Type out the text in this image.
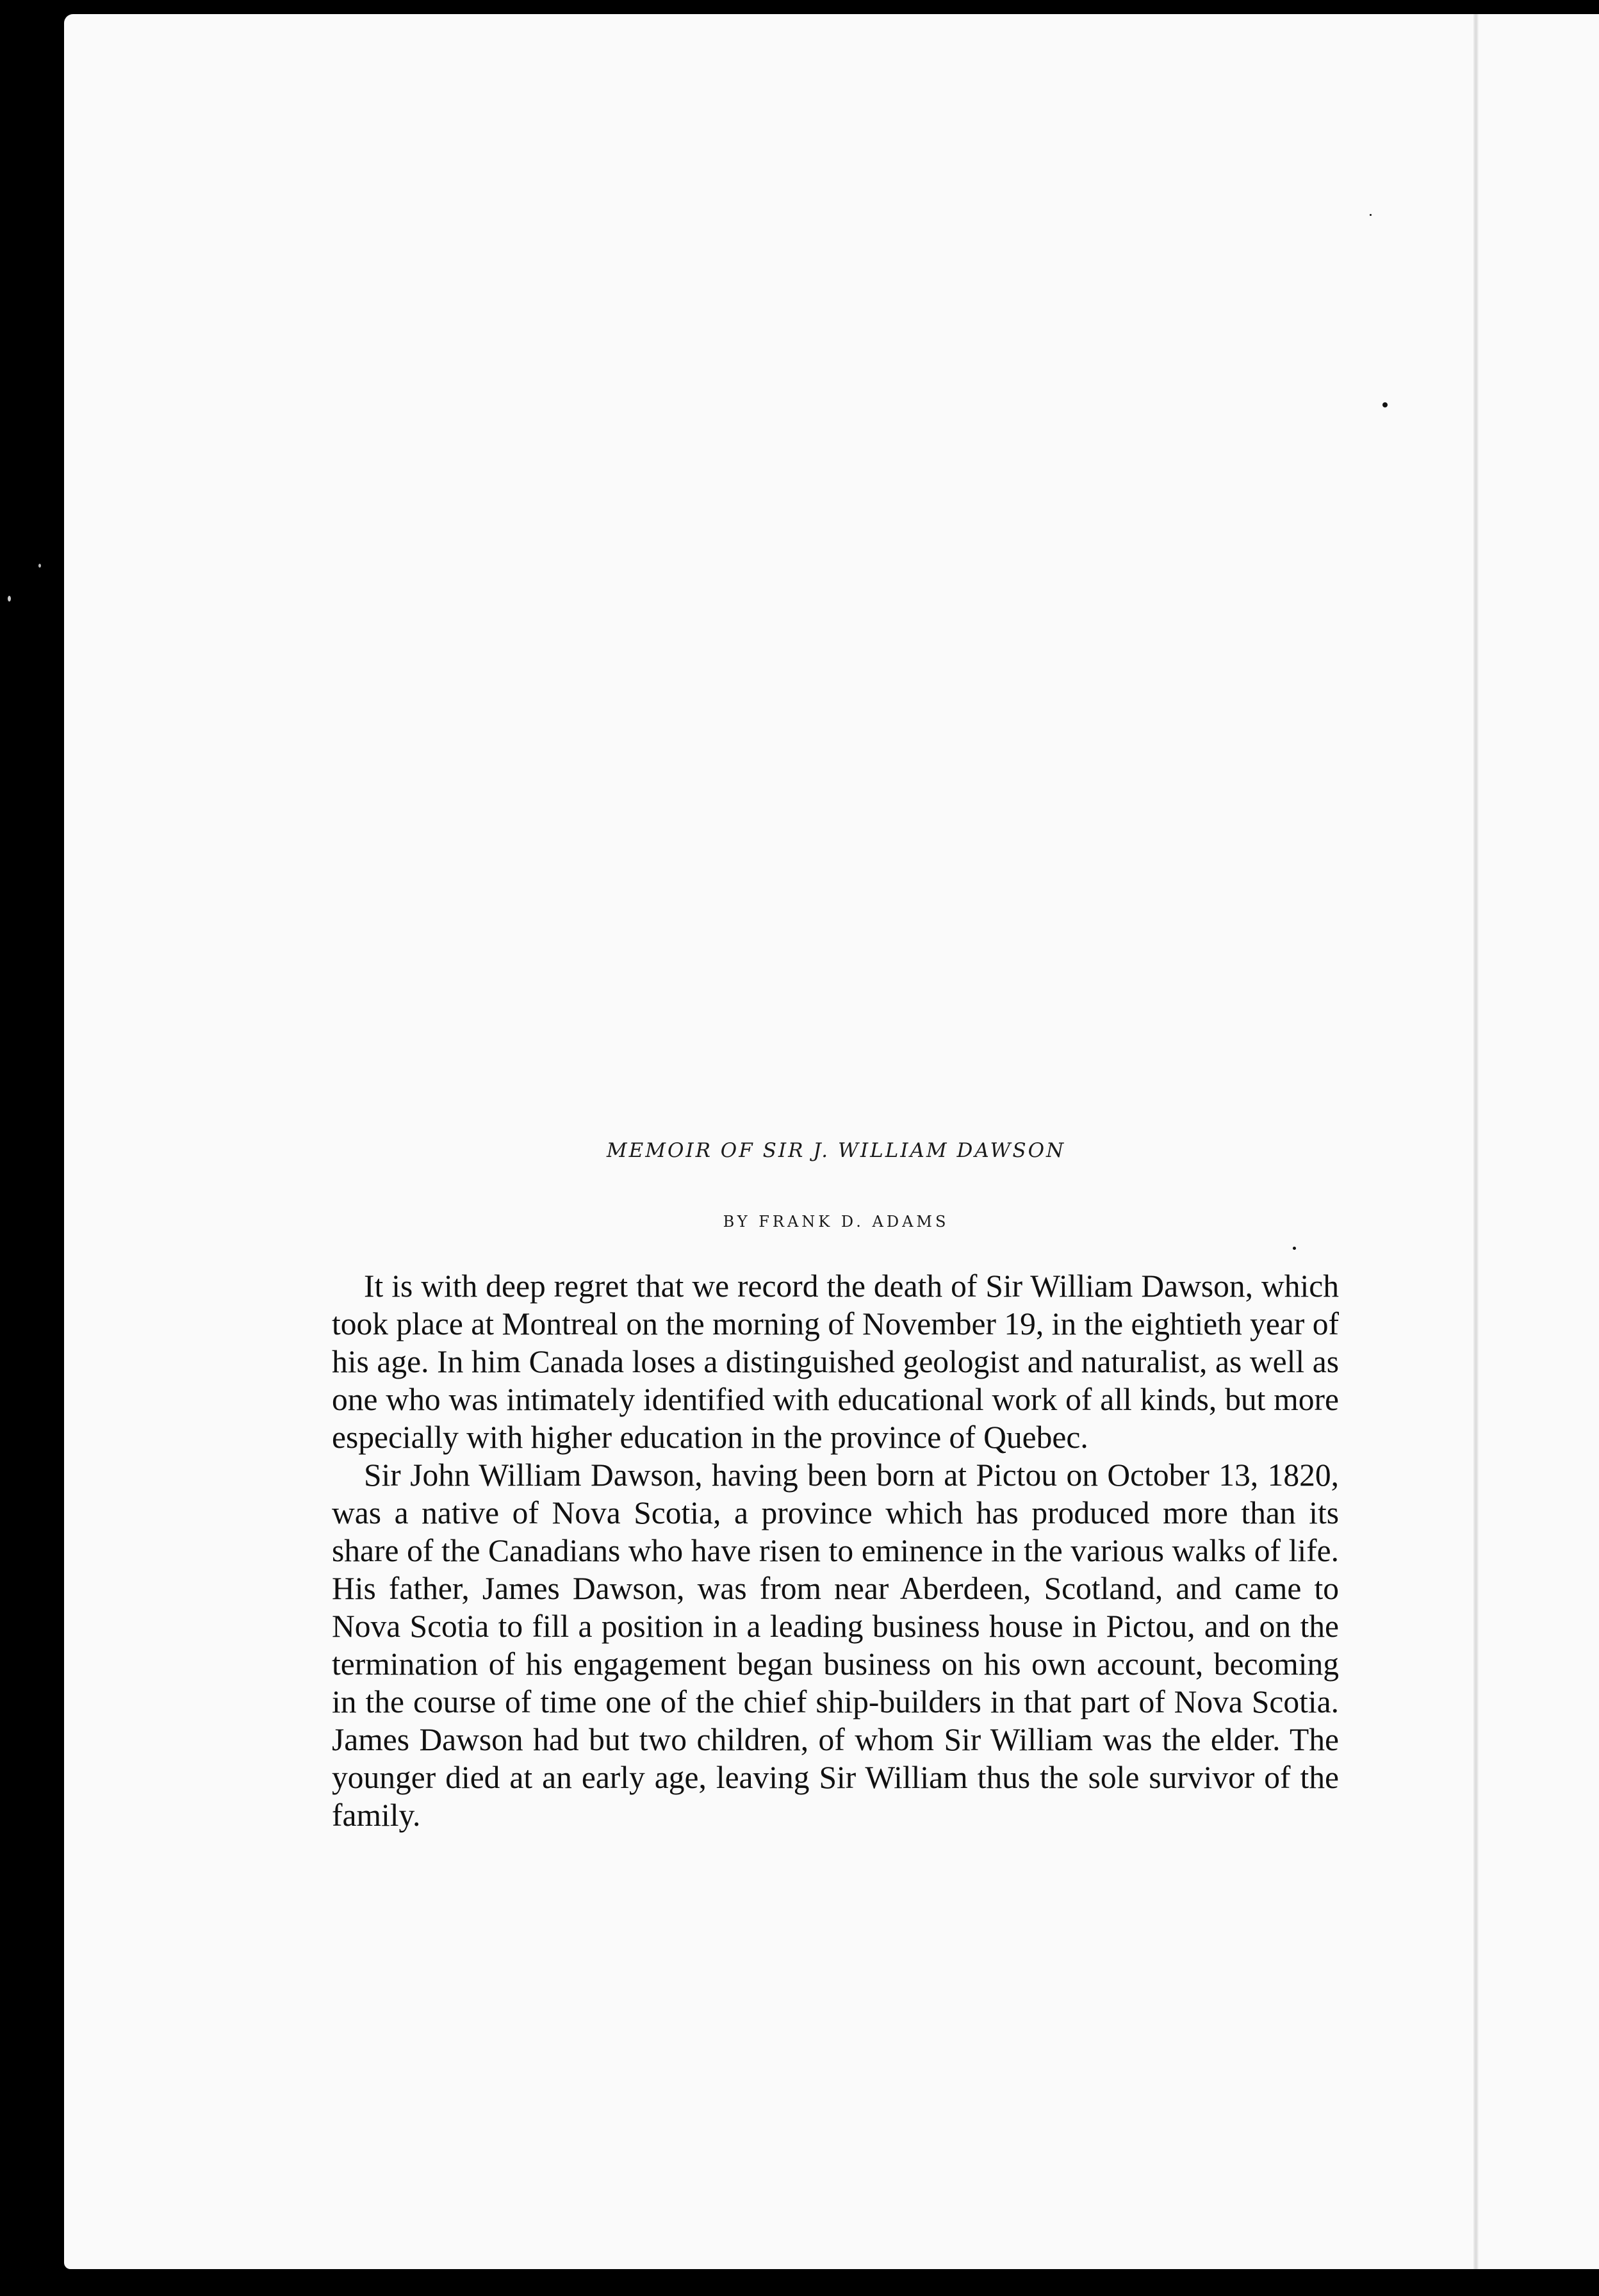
MEMOIR OF SIR J. WILLIAM DAWSON
BY FRANK D. ADAMS

It is with deep regret that we record the death of Sir William Dawson, which took place at Montreal on the morning of November 19, in the eightieth year of his age. In him Canada loses a distinguished geologist and naturalist, as well as one who was intimately identified with educational work of all kinds, but more especially with higher education in the province of Quebec.

Sir John William Dawson, having been born at Pictou on October 13, 1820, was a native of Nova Scotia, a province which has produced more than its share of the Canadians who have risen to eminence in the various walks of life. His father, James Dawson, was from near Aberdeen, Scotland, and came to Nova Scotia to fill a position in a leading business house in Pictou, and on the termination of his engagement began business on his own account, becoming in the course of time one of the chief ship-builders in that part of Nova Scotia. James Dawson had but two children, of whom Sir William was the elder. The younger died at an early age, leaving Sir William thus the sole survivor of the family.
